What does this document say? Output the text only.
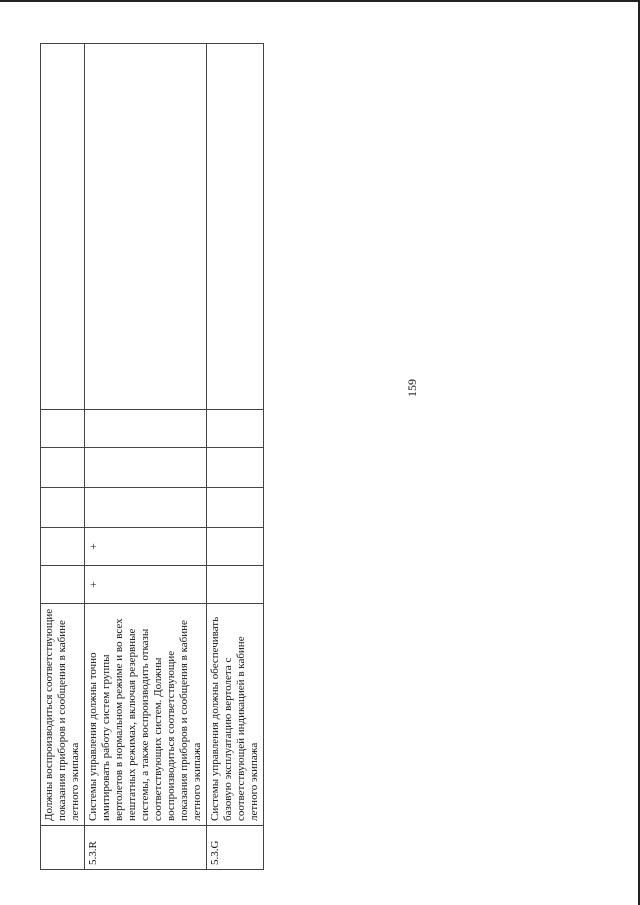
159
	Должны воспроизводиться соответствующие показания приборов и сообщения в кабине летного экипажа	

5.3.R	Системы управления должны точно имитировать работу систем группы вертолетов в нормальном режиме и во всех нештатных режимах, включая резервные системы, а также воспроизводить отказы соответствующих систем. Должны воспроизводиться соответствующие показания приборов и сообщения в кабине летного экипажа	+	+				

5.3.G	Системы управления должны обеспечивать базовую эксплуатацию вертолета с соответствующей индикацией в кабине летного экипажа	
